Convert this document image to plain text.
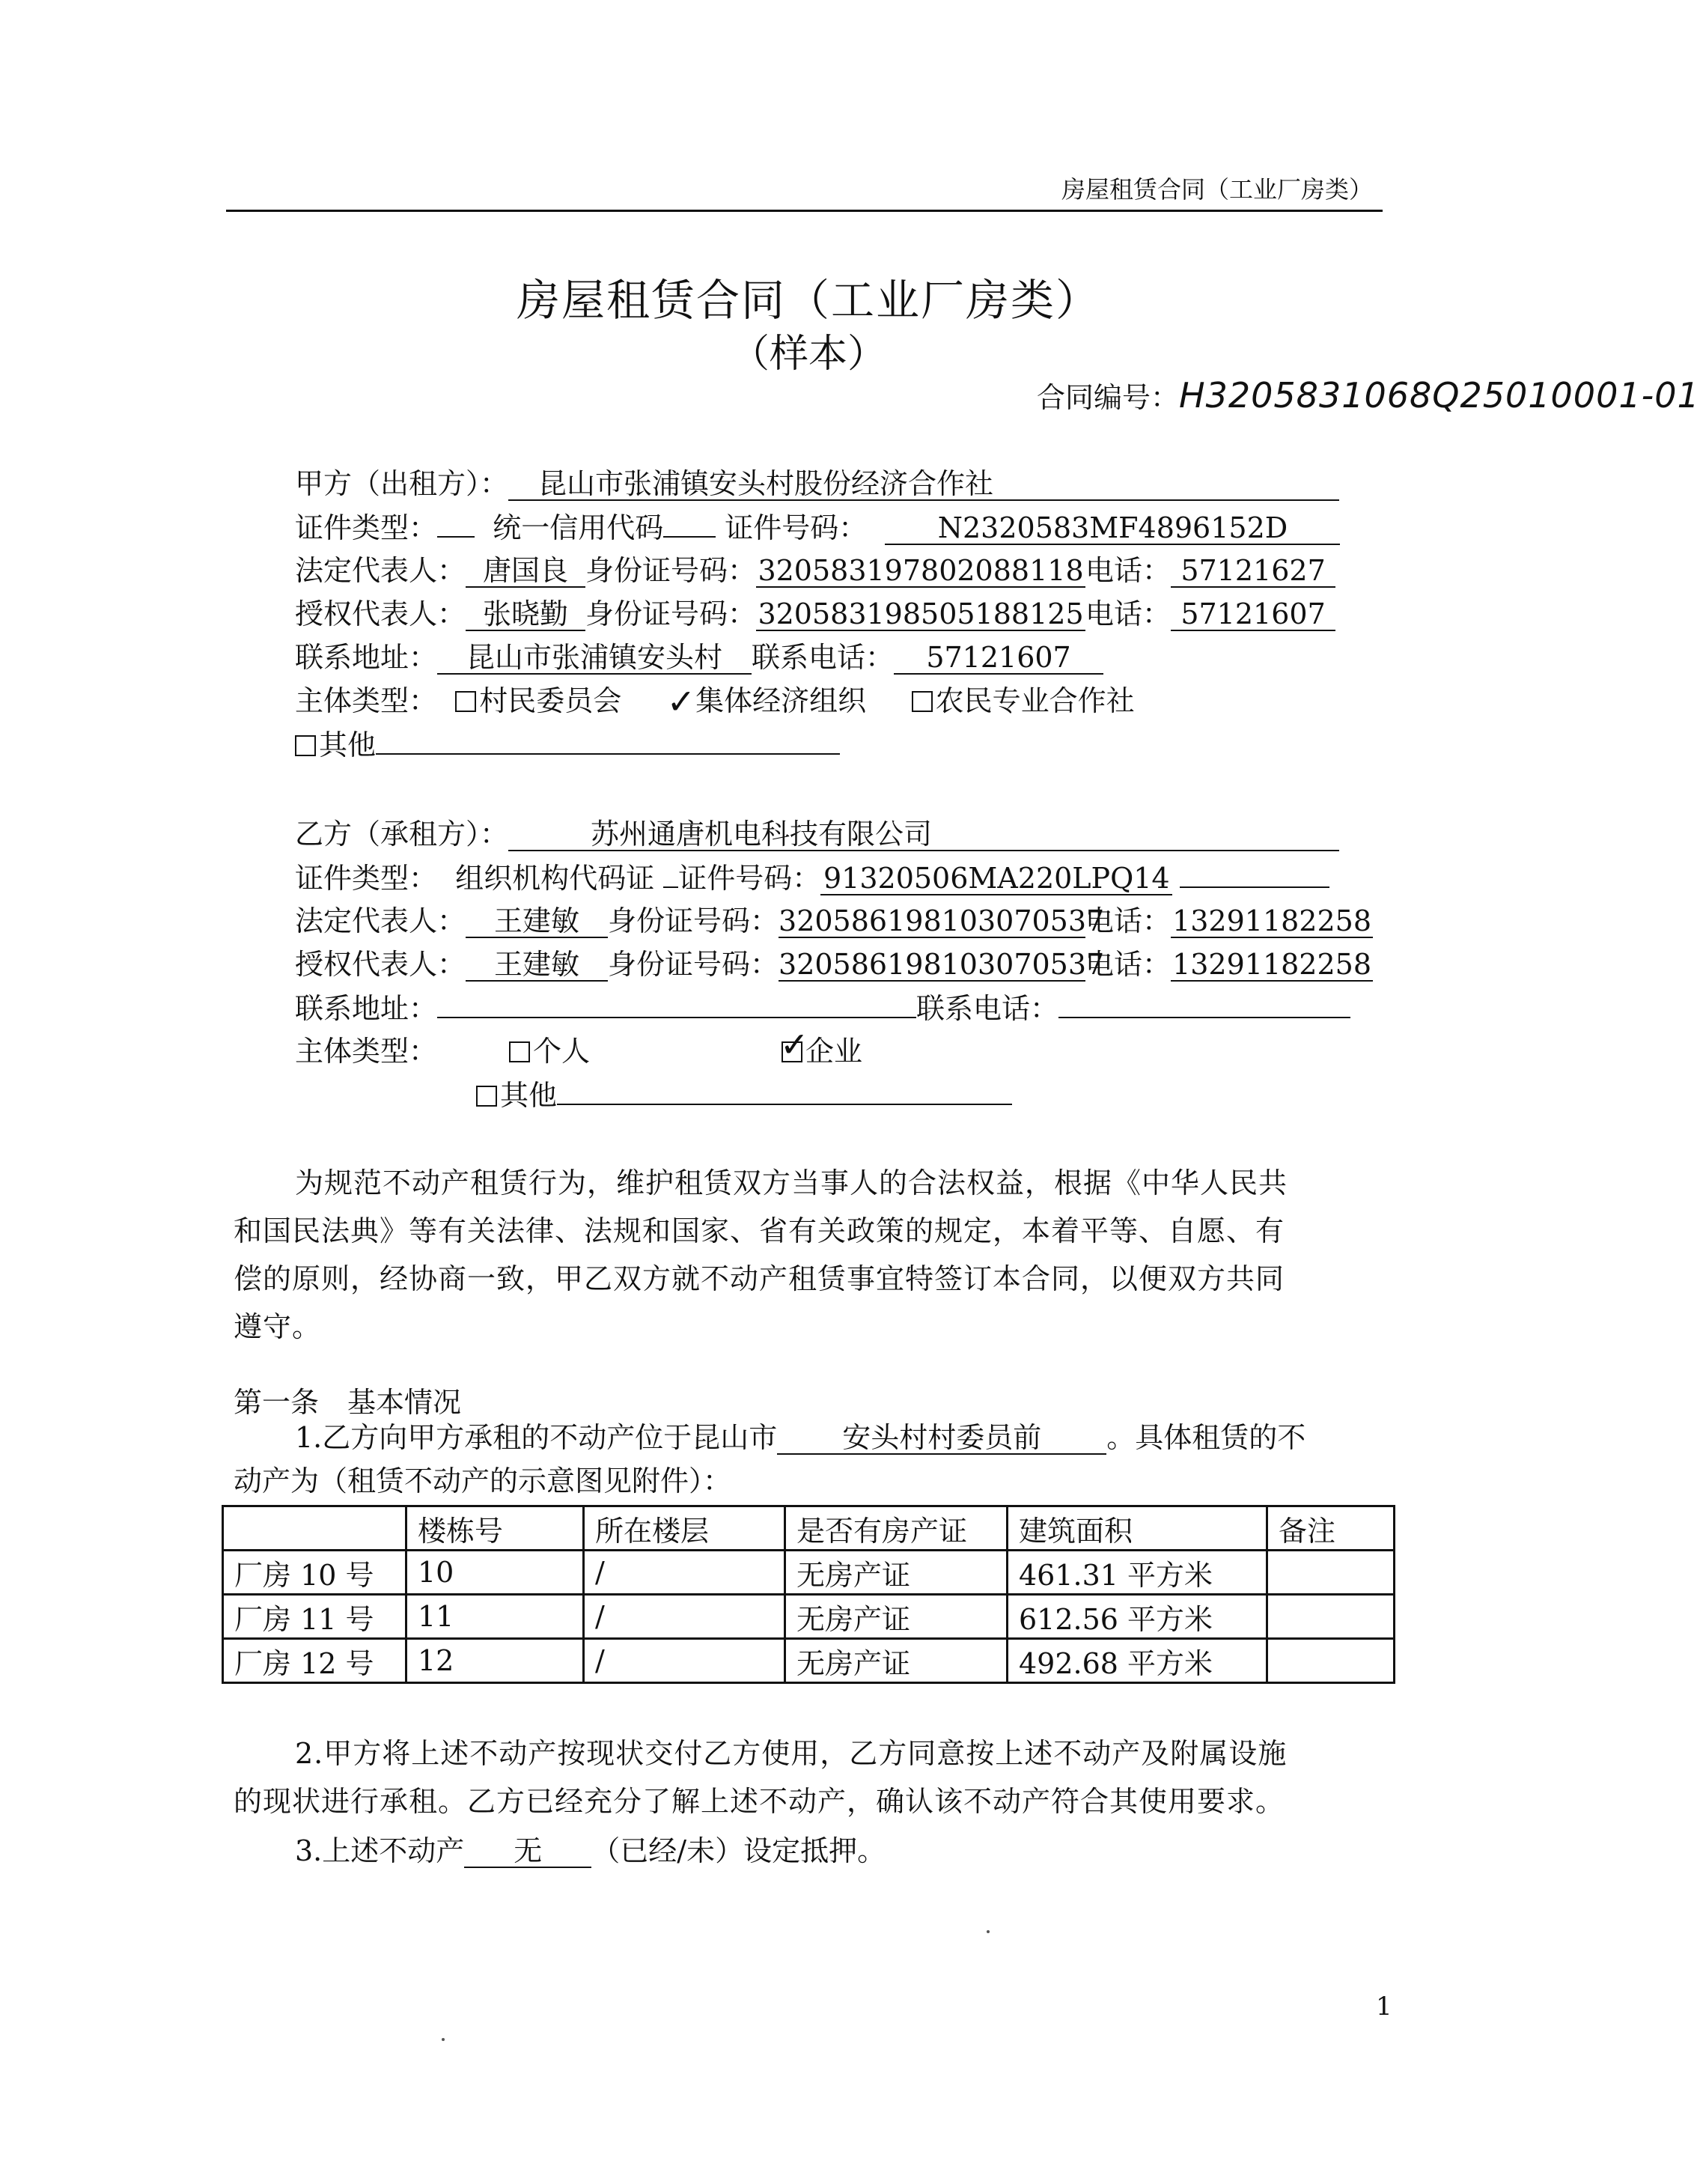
房屋租赁合同（工业厂房类）
房屋租赁合同（工业厂房类）
（样本）
合同编号：H3205831068Q25010001-01
甲方（出租方）： 昆山市张浦镇安头村股份经济合作社
证件类型： 统一信用代码 证件号码： N2320583MF4896152D
法定代表人： 唐国良 身份证号码：320583197802088118电话： 57121627
授权代表人： 张晓勤 身份证号码：320583198505188125电话： 57121607
联系地址： 昆山市张浦镇安头村 联系电话： 57121607
主体类型： 村民委员会 ✓集体经济组织 农民专业合作社
其他
乙方（承租方）：	苏州通唐机电科技有限公司
证件类型： 组织机构代码证 证件号码：91320506MA220LPQ14
法定代表人： 王建敏 身份证号码：320586198103070537电话：13291182258
授权代表人： 王建敏 身份证号码：320586198103070537电话：13291182258
联系地址：	联系电话：
主体类型：	个人	✓
企业
其他
为规范不动产租赁行为，维护租赁双方当事人的合法权益，根据《中华人民共
和国民法典》等有关法律、法规和国家、省有关政策的规定，本着平等、自愿、有
偿的原则，经协商一致，甲乙双方就不动产租赁事宜特签订本合同，以便双方共同
遵守。
第一条　基本情况
1.乙方向甲方承租的不动产位于昆山市 安头村村委员前 。具体租赁的不
动产为（租赁不动产的示意图见附件）：
	楼栋号	所在楼层	是否有房产证	建筑面积	备注
厂房 10 号	10	/	无房产证	461.31 平方米	
厂房 11 号	11	/	无房产证	612.56 平方米	
厂房 12 号	12	/	无房产证	492.68 平方米	
2.甲方将上述不动产按现状交付乙方使用，乙方同意按上述不动产及附属设施
的现状进行承租。乙方已经充分了解上述不动产，确认该不动产符合其使用要求。
3.上述不动产 无 （已经/未）设定抵押。
1
